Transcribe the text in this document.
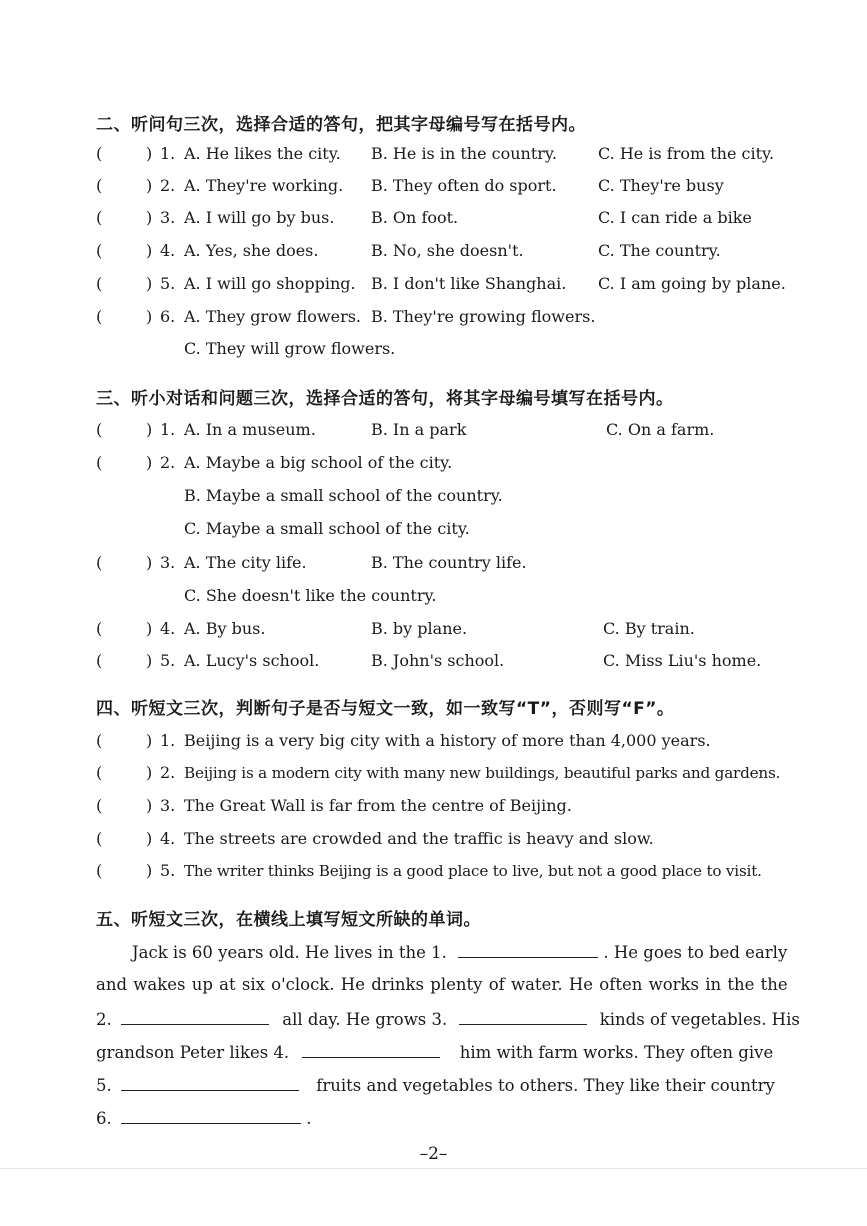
二、听问句三次，选择合适的答句，把其字母编号写在括号内。
(	) 1. A. He likes the city. B. He is in the country.	C. He is from the city.
(	) 2. A. They're working. B. They often do sport.	C. They're busy
(	) 3. A. I will go by bus. B. On foot.	C. I can ride a bike
(	) 4. A. Yes, she does.	B. No, she doesn't.	C. The country.
(	) 5. A. I will go shopping. B. I don't like Shanghai. C. I am going by plane.
(	) 6. A. They grow flowers. B. They're growing flowers.
C. They will grow flowers.
三、听小对话和问题三次，选择合适的答句，将其字母编号填写在括号内。
(	) 1. A. In a museum.	B. In a park	C. On a farm.
(	) 2. A. Maybe a big school of the city.
B. Maybe a small school of the country.
C. Maybe a small school of the city.
(	) 3. A. The city life.	B. The country life.
C. She doesn't like the country.
(	) 4. A. By bus.	B. by plane.	C. By train.
(	) 5. A. Lucy's school.	B. John's school.	C. Miss Liu's home.
四、听短文三次，判断句子是否与短文一致，如一致写“T”，否则写“F”。
(	) 1. Beijing is a very big city with a history of more than 4,000 years.
(	) 2. Beijing is a modern city with many new buildings, beautiful parks and gardens.
(	) 3. The Great Wall is far from the centre of Beijing.
(	) 4. The streets are crowded and the traffic is heavy and slow.
(	) 5. The writer thinks Beijing is a good place to live, but not a good place to visit.
五、听短文三次，在横线上填写短文所缺的单词。
Jack is 60 years old. He lives in the 1.	. He goes to bed early
and wakes up at six o'clock. He drinks plenty of water. He often works in the the
2.	all day. He grows 3.	kinds of vegetables. His
grandson Peter likes 4.	him with farm works. They often give
5.	fruits and vegetables to others. They like their country
6.	.
–2–
